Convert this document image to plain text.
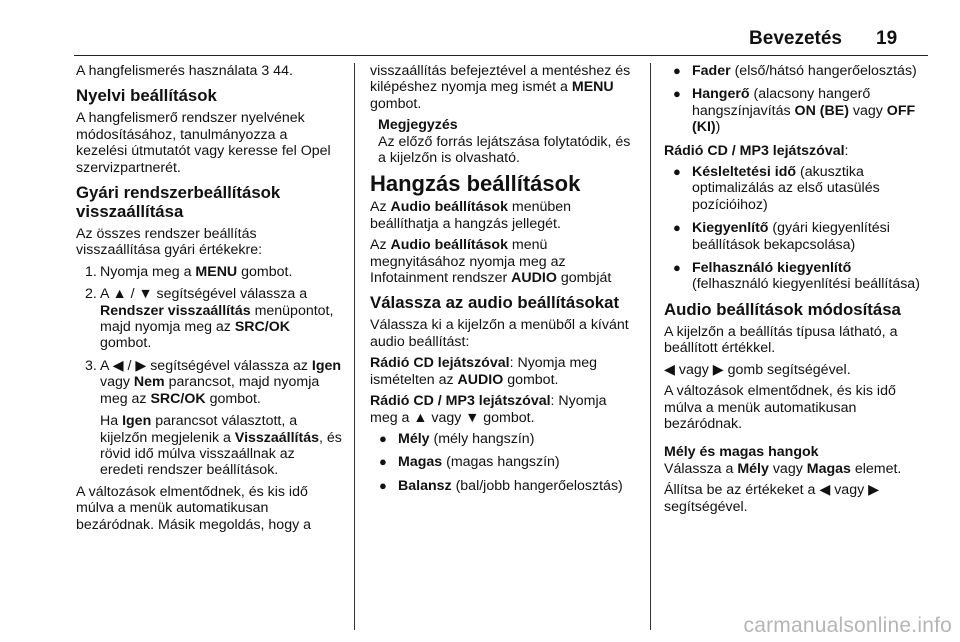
Bevezetés 19

A hangfelismerés használata 3 44.

Nyelvi beállítások

A hangfelismerő rendszer nyelvének módosításához, tanulmányozza a kezelési útmutatót vagy keresse fel Opel szervizpartnerét.

Gyári rendszerbeállítások visszaállítása

Az összes rendszer beállítás visszaállítása gyári értékekre:

1. Nyomja meg a MENU gombot.
2. A ▲ / ▼ segítségével válassza a Rendszer visszaállítás menüpontot, majd nyomja meg az SRC/OK gombot.
3. A ◀ / ▶ segítségével válassza az Igen vagy Nem parancsot, majd nyomja meg az SRC/OK gombot.
Ha Igen parancsot választott, a kijelzőn megjelenik a Visszaállítás, és rövid idő múlva visszaállnak az eredeti rendszer beállítások.

A változások elmentődnek, és kis idő múlva a menük automatikusan bezáródnak. Másik megoldás, hogy a

visszaállítás befejeztével a mentéshez és kilépéshez nyomja meg ismét a MENU gombot.

Megjegyzés
Az előző forrás lejátszása folytatódik, és a kijelzőn is olvasható.
Hangzás beállítások

Az Audio beállítások menüben beállíthatja a hangzás jellegét.

Az Audio beállítások menü megnyitásához nyomja meg az Infotainment rendszer AUDIO gombját

Válassza az audio beállításokat

Válassza ki a kijelzőn a menüből a kívánt audio beállítást:

Rádió CD lejátszóval: Nyomja meg ismételten az AUDIO gombot.

Rádió CD / MP3 lejátszóval: Nyomja meg a ▲ vagy ▼ gombot.

● Mély (mély hangszín)
● Magas (magas hangszín)
● Balansz (bal/jobb hangerőelosztás)
● Fader (első/hátsó hangerőelosztás)
● Hangerő (alacsony hangerő hangszínjavítás ON (BE) vagy OFF (KI))

Rádió CD / MP3 lejátszóval:

● Késleltetési idő (akusztika optimalizálás az első utasülés pozícióihoz)
● Kiegyenlítő (gyári kiegyenlítési beállítások bekapcsolása)
● Felhasználó kiegyenlítő (felhasználó kiegyenlítési beállítása)
Audio beállítások módosítása

A kijelzőn a beállítás típusa látható, a beállított értékkel.

◀ vagy ▶ gomb segítségével.

A változások elmentődnek, és kis idő múlva a menük automatikusan bezáródnak.

Mély és magas hangok

Válassza a Mély vagy Magas elemet.

Állítsa be az értékeket a ◀ vagy ▶ segítségével.

carmanualsonline.info
